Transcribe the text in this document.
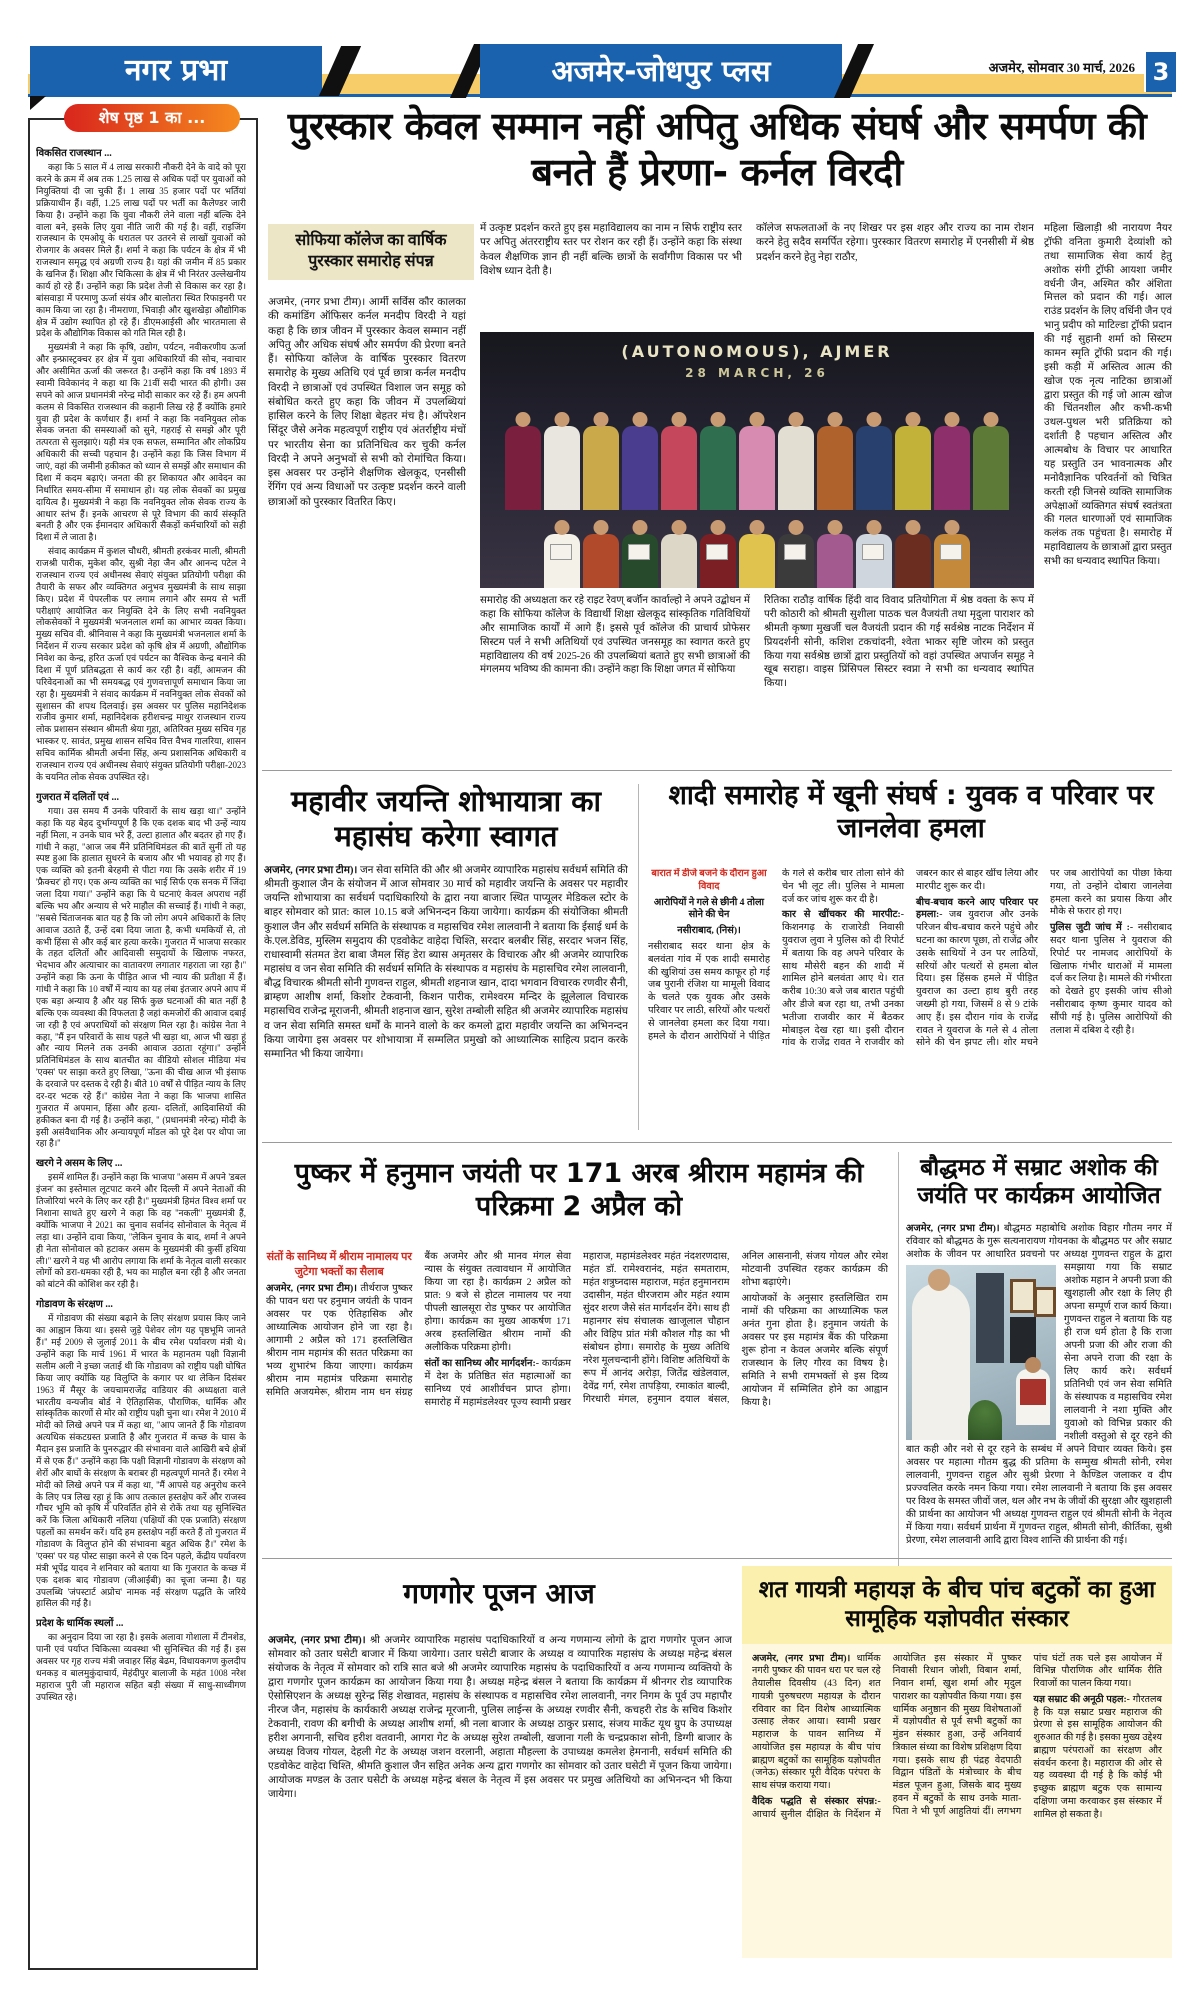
नगर प्रभा	अजमेर-जोधपुर प्लस	अजमेर, सोमवार 30 मार्च, 2026 3
शेष पृष्ठ 1 का ...
विकसित राजस्थान ...

कहा कि 5 साल में 4 लाख सरकारी नौकरी देने के वादे को पूरा करने के क्रम में अब तक 1.25 लाख से अधिक पदों पर युवाओं को नियुक्तियां दी जा चुकी हैं। 1 लाख 35 हजार पदों पर भर्तियां प्रक्रियाधीन हैं। वहीं, 1.25 लाख पदों पर भर्ती का कैलेण्डर जारी किया है। उन्होंने कहा कि युवा नौकरी लेने वाला नहीं बल्कि देने वाला बने, इसके लिए युवा नीति जारी की गई है। वहीं, राइजिंग राजस्थान के एमओयू के धरातल पर उतरने से लाखों युवाओं को रोजगार के अवसर मिले हैं। शर्मा ने कहा कि पर्यटन के क्षेत्र में भी राजस्थान समृद्ध एवं अग्रणी राज्य है। यहां की जमीन में 85 प्रकार के खनिज हैं। शिक्षा और चिकित्सा के क्षेत्र में भी निरंतर उल्लेखनीय कार्य हो रहे हैं। उन्होंने कहा कि प्रदेश तेजी से विकास कर रहा है। बांसवाड़ा में परमाणु ऊर्जा संयंत्र और बालोतरा स्थित रिफाइनरी पर काम किया जा रहा है। नीमराणा, भिवाड़ी और खुशखेड़ा औद्योगिक क्षेत्र में उद्योग स्थापित हो रहे हैं। डीएमआईसी और भारतमाला से प्रदेश के औद्योगिक विकास को गति मिल रही है।

मुख्यमंत्री ने कहा कि कृषि, उद्योग, पर्यटन, नवीकरणीय ऊर्जा और इन्फ्रास्ट्रक्चर हर क्षेत्र में युवा अधिकारियों की सोच, नवाचार और असीमित ऊर्जा की जरूरत है। उन्होंने कहा कि वर्ष 1893 में स्वामी विवेकानंद ने कहा था कि 21वीं सदी भारत की होगी। उस सपने को आज प्रधानमंत्री नरेन्द्र मोदी साकार कर रहे हैं। हम अपनी कलम से विकसित राजस्थान की कहानी लिख रहे हैं क्योंकि हमारे युवा ही प्रदेश के कर्णधार हैं। शर्मा ने कहा कि नवनियुक्त लोक सेवक जनता की समस्याओं को सुने, गहराई से समझे और पूरी तत्परता से सुलझाएं। यही मंत्र एक सफल, सम्मानित और लोकप्रिय अधिकारी की सच्ची पहचान है। उन्होंने कहा कि जिस विभाग में जाएं, वहां की जमीनी हकीकत को ध्यान से समझें और समाधान की दिशा में कदम बढ़ाएं। जनता की हर शिकायत और आवेदन का निर्धारित समय-सीमा में समाधान हो। यह लोक सेवकों का प्रमुख दायित्व है। मुख्यमंत्री ने कहा कि नवनियुक्त लोक सेवक राज्य के आधार स्तंभ हैं। इनके आचरण से पूरे विभाग की कार्य संस्कृति बनती है और एक ईमानदार अधिकारी सैकड़ों कर्मचारियों को सही दिशा में ले जाता है।

संवाद कार्यक्रम में कुशल चौधरी, श्रीमती हरकंवर माली, श्रीमती राजश्री पारीक, मुकेश कौर, सुश्री नेहा जैन और आनन्द पटेल ने राजस्थान राज्य एवं अधीनस्थ सेवाएं संयुक्त प्रतियोगी परीक्षा की तैयारी के सफर और व्यक्तिगत अनुभव मुख्यमंत्री के साथ साझा किए। प्रदेश में पेपरलीक पर लगाम लगाने और समय से भर्ती परीक्षाएं आयोजित कर नियुक्ति देने के लिए सभी नवनियुक्त लोकसेवकों ने मुख्यमंत्री भजनलाल शर्मा का आभार व्यक्त किया। मुख्य सचिव वी. श्रीनिवास ने कहा कि मुख्यमंत्री भजनलाल शर्मा के निर्देशन में राज्य सरकार प्रदेश को कृषि क्षेत्र में अग्रणी, औद्योगिक निवेश का केन्द्र, हरित ऊर्जा एवं पर्यटन का वैश्विक केन्द्र बनाने की दिशा में पूर्ण प्रतिबद्धता से कार्य कर रही है। वहीं, आमजन की परिवेदनाओं का भी समयबद्ध एवं गुणवत्तापूर्ण समाधान किया जा रहा है। मुख्यमंत्री ने संवाद कार्यक्रम में नवनियुक्त लोक सेवकों को सुशासन की शपथ दिलवाई। इस अवसर पर पुलिस महानिदेशक राजीव कुमार शर्मा, महानिदेशक हरीशचन्द्र माथुर राजस्थान राज्य लोक प्रशासन संस्थान श्रीमती श्रेया गुहा, अतिरिक्त मुख्य सचिव गृह भास्कर ए. सावंत, प्रमुख शासन सचिव वित्त वैभव गालरिया, शासन सचिव कार्मिक श्रीमती अर्चना सिंह, अन्य प्रशासनिक अधिकारी व राजस्थान राज्य एवं अधीनस्थ सेवाएं संयुक्त प्रतियोगी परीक्षा-2023 के चयनित लोक सेवक उपस्थित रहे।

गुजरात में दलितों एवं ...

गया। उस समय मैं उनके परिवारों के साथ खड़ा था।'' उन्होंने कहा कि यह बेहद दुर्भाग्यपूर्ण है कि एक दशक बाद भी उन्हें न्याय नहीं मिला, न उनके घाव भरे हैं, उल्टा हालात और बदतर हो गए हैं। गांधी ने कहा, ''आज जब मैंने प्रतिनिधिमंडल की बातें सुनीं तो यह स्पष्ट हुआ कि हालात सुधरने के बजाय और भी भयावह हो गए हैं। एक व्यक्ति को इतनी बेरहमी से पीटा गया कि उसके शरीर में 19 'फ्रैक्चर' हो गए। एक अन्य व्यक्ति का भाई सिर्फ एक सनक में जिंदा जला दिया गया।'' उन्होंने कहा कि ये घटनाएं केवल अपराध नहीं बल्कि भय और अन्याय से भरे माहौल की सच्चाई हैं। गांधी ने कहा, ''सबसे चिंताजनक बात यह है कि जो लोग अपने अधिकारों के लिए आवाज उठाते हैं, उन्हें दबा दिया जाता है, कभी धमकियों से, तो कभी हिंसा से और कई बार हत्या करके। गुजरात में भाजपा सरकार के तहत दलितों और आदिवासी समुदायों के खिलाफ नफरत, भेदभाव और अत्याचार का वातावरण लगातार गहराता जा रहा है।'' उन्होंने कहा कि ऊना के पीड़ित आज भी न्याय की प्रतीक्षा में हैं। गांधी ने कहा कि 10 वर्षों में न्याय का यह लंबा इंतजार अपने आप में एक बड़ा अन्याय है और यह सिर्फ कुछ घटनाओं की बात नहीं है बल्कि एक व्यवस्था की विफलता है जहां कमजोरों की आवाज दबाई जा रही है एवं अपराधियों को संरक्षण मिल रहा है। कांग्रेस नेता ने कहा, ''मैं इन परिवारों के साथ पहले भी खड़ा था, आज भी खड़ा हूं और न्याय मिलने तक उनकी आवाज उठाता रहूंगा।'' उन्होंने प्रतिनिधिमंडल के साथ बातचीत का वीडियो सोशल मीडिया मंच 'एक्स' पर साझा करते हुए लिखा, ''ऊना की चीख आज भी इंसाफ के दरवाजे पर दस्तक दे रही है। बीते 10 वर्षों से पीड़ित न्याय के लिए दर-दर भटक रहे हैं।'' कांग्रेस नेता ने कहा कि भाजपा शासित गुजरात में अपमान, हिंसा और हत्या- दलितों, आदिवासियों की हकीकत बना दी गई है। उन्होंने कहा, '' (प्रधानमंत्री नरेन्द्र) मोदी के इसी असंवैधानिक और अन्यायपूर्ण मॉडल को पूरे देश पर थोपा जा रहा है।''

खरगे ने असम के लिए ...

इसमें शामिल हैं। उन्होंने कहा कि भाजपा ''असम में अपने 'डबल इंजन' का इस्तेमाल लूटपाट करने और दिल्ली में अपने नेताओं की तिजोरियां भरने के लिए कर रही है।'' मुख्यमंत्री हिमंत विश्व शर्मा पर निशाना साधते हुए खरगे ने कहा कि वह ''नकली'' मुख्यमंत्री हैं, क्योंकि भाजपा ने 2021 का चुनाव सर्वानंद सोनोवाल के नेतृत्व में लड़ा था। उन्होंने दावा किया, ''लेकिन चुनाव के बाद, शर्मा ने अपने ही नेता सोनोवाल को हटाकर असम के मुख्यमंत्री की कुर्सी हथिया ली।'' खरगे ने यह भी आरोप लगाया कि शर्मा के नेतृत्व वाली सरकार लोगों को डरा-धमका रही है, भय का माहौल बना रही है और जनता को बांटने की कोशिश कर रही है।

गोडावण के संरक्षण ...

में गोडावण की संख्या बढ़ाने के लिए संरक्षण प्रयास किए जाने का आह्वान किया था। इससे जुड़े पेशेवर लोग यह पृष्ठभूमि जानते हैं।'' मई 2009 से जुलाई 2011 के बीच रमेश पर्यावरण मंत्री थे। उन्होंने कहा कि मार्च 1961 में भारत के महानतम पक्षी विज्ञानी सलीम अली ने इच्छा जताई थी कि गोडावण को राष्ट्रीय पक्षी घोषित किया जाए क्योंकि यह विलुप्ति के कगार पर था लेकिन दिसंबर 1963 में मैसूर के जयचामराजेंद्र वाडियार की अध्यक्षता वाले भारतीय वन्यजीव बोर्ड ने ऐतिहासिक, पौराणिक, धार्मिक और सांस्कृतिक कारणों से मोर को राष्ट्रीय पक्षी चुना था। रमेश ने 2010 में मोदी को लिखे अपने पत्र में कहा था, ''आप जानते हैं कि गोडावण अत्यधिक संकटग्रस्त प्रजाति है और गुजरात में कच्छ के घास के मैदान इस प्रजाति के पुनरुद्धार की संभावना वाले आखिरी बचे क्षेत्रों में से एक हैं।'' उन्होंने कहा कि पक्षी विज्ञानी गोडावण के संरक्षण को शेरों और बाघों के संरक्षण के बराबर ही महत्वपूर्ण मानते हैं। रमेश ने मोदी को लिखे अपने पत्र में कहा था, ''मैं आपसे यह अनुरोध करने के लिए पत्र लिख रहा हूं कि आप तत्काल हस्तक्षेप करें और राजस्व गौचर भूमि को कृषि में परिवर्तित होने से रोकें तथा यह सुनिश्चित करें कि जिला अधिकारी नलिया (पक्षियों की एक प्रजाति) संरक्षण पहलों का समर्थन करें। यदि हम हस्तक्षेप नहीं करते हैं तो गुजरात में गोडावण के विलुप्त होने की संभावना बहुत अधिक है।'' रमेश के 'एक्स' पर यह पोस्ट साझा करने से एक दिन पहले, केंद्रीय पर्यावरण मंत्री भूपेंद्र यादव ने शनिवार को बताया था कि गुजरात के कच्छ में एक दशक बाद गोडावण (जीआईबी) का चूजा जन्मा है। यह उपलब्धि 'जंपस्टार्ट अप्रोच' नामक नई संरक्षण पद्धति के जरिये हासिल की गई है।

प्रदेश के धार्मिक स्थलों ...

का अनुदान दिया जा रहा है। इसके अलावा गोशाला में टीनशेड, पानी एवं पर्याप्त चिकित्सा व्यवस्था भी सुनिश्चित की गई हैं। इस अवसर पर गृह राज्य मंत्री जवाहर सिंह बेढम, विधायकगण कुलदीप धनकड़ व बालमुकुंदाचार्य, मेहंदीपुर बालाजी के महंत 1008 नरेश महाराज पुरी जी महाराज सहित बड़ी संख्या में साधु-साध्वीगण उपस्थित रहे।

पुरस्कार केवल सम्मान नहीं अपितु अधिक संघर्ष और समर्पण की बनते हैं प्रेरणा- कर्नल विरदी
सोफिया कॉलेज का वार्षिक पुरस्कार समारोह संपन्न
अजमेर, (नगर प्रभा टीम)। आर्मी सर्विस कौर कालका की कमांडिंग ऑफिसर कर्नल मनदीप विरदी ने यहां कहा है कि छात्र जीवन में पुरस्कार केवल सम्मान नहीं अपितु और अधिक संघर्ष और समर्पण की प्रेरणा बनते हैं। सोफिया कॉलेज के वार्षिक पुरस्कार वितरण समारोह के मुख्य अतिथि एवं पूर्व छात्रा कर्नल मनदीप विरदी ने छात्राओं एवं उपस्थित विशाल जन समूह को संबोधित करते हुए कहा कि जीवन में उपलब्धियां हासिल करने के लिए शिक्षा बेहतर मंच है। ऑपरेशन सिंदूर जैसे अनेक महत्वपूर्ण राष्ट्रीय एवं अंतर्राष्ट्रीय मंचों पर भारतीय सेना का प्रतिनिधित्व कर चुकी कर्नल विरदी ने अपने अनुभवों से सभी को रोमांचित किया। इस अवसर पर उन्होंने शैक्षणिक खेलकूद, एनसीसी रेंगिंग एवं अन्य विधाओं पर उत्कृष्ट प्रदर्शन करने वाली छात्राओं को पुरस्कार वितरित किए।
में उत्कृष्ट प्रदर्शन करते हुए इस महाविद्यालय का नाम न सिर्फ राष्ट्रीय स्तर पर अपितु अंतरराष्ट्रीय स्तर पर रोशन कर रही हैं। उन्होंने कहा कि संस्था केवल शैक्षणिक ज्ञान ही नहीं बल्कि छात्रों के सर्वांगीण विकास पर भी विशेष ध्यान देती है।
कॉलेज सफलताओं के नए शिखर पर इस शहर और राज्य का नाम रोशन करने हेतु सदैव समर्पित रहेगा। पुरस्कार वितरण समारोह में एनसीसी में श्रेष्ठ प्रदर्शन करने हेतु नेहा राठौर,
(AUTONOMOUS), AJMER
28 MARCH, 26

समारोह की अध्यक्षता कर रहे राइट रेवण् बर्जॉन कार्वाल्हो ने अपने उद्बोधन में कहा कि सोफिया कॉलेज के विद्यार्थी शिक्षा खेलकूद सांस्कृतिक गतिविधियों और सामाजिक कार्यों में आगे हैं। इससे पूर्व कॉलेज की प्राचार्य प्रोफेसर सिस्टम पर्ल ने सभी अतिथियों एवं उपस्थित जनसमूह का स्वागत करते हुए महाविद्यालय की वर्ष 2025-26 की उपलब्धियां बताते हुए सभी छात्राओं की मंगलमय भविष्य की कामना की। उन्होंने कहा कि शिक्षा जगत में सोफिया

रितिका राठौड़ वार्षिक हिंदी वाद विवाद प्रतियोगिता में श्रेष्ठ वक्ता के रूप में परी कोठारी को श्रीमती सुशीला पाठक चल वैजयंती तथा मृदुला पाराशर को श्रीमती कृष्णा मुखर्जी चल वैजयंती प्रदान की गई सर्वश्रेष्ठ नाटक निर्देशन में प्रियदर्शनी सोनी, कशिश टकचांदनी, श्वेता भाकर सृष्टि जोरम को प्रस्तुत किया गया सर्वश्रेष्ठ छात्रों द्वारा प्रस्तुतियों को वहां उपस्थित अपार्जन समूह ने खूब सराहा। वाइस प्रिंसिपल सिस्टर स्वप्ना ने सभी का धन्यवाद स्थापित किया।

महिला खिलाड़ी श्री नारायण नैयर ट्रॉफी वनिता कुमारी देव्यांशी को तथा सामाजिक सेवा कार्य हेतु अशोक संगी ट्रॉफी आयशा जमीर वर्धनी जैन, अश्मित कौर अंशिता मित्तल को प्रदान की गई। आल राउंड प्रदर्शन के लिए वर्धिनी जैन एवं भानु प्रदीप को माटिल्डा ट्रॉफी प्रदान की गई सुहानी शर्मा को सिस्टम कामन स्मृति ट्रॉफी प्रदान की गई। इसी कड़ी में अस्तित्व आत्म की खोज एक नृत्य नाटिका छात्राओं द्वारा प्रस्तुत की गई जो आत्म खोज की चिंतनशील और कभी-कभी उथल-पुथल भरी प्रतिक्रिया को दर्शाती है पहचान अस्तित्व और आत्मबोध के विचार पर आधारित यह प्रस्तुति उन भावनात्मक और मनोवैज्ञानिक परिवर्तनों को चित्रित करती रही जिनसे व्यक्ति सामाजिक अपेक्षाओं व्यक्तिगत संघर्ष स्वतंत्रता की गलत धारणाओं एवं सामाजिक कलंक तक पहुंचता है। समारोह में महाविद्यालय के छात्राओं द्वारा प्रस्तुत सभी का धन्यवाद स्थापित किया।
महावीर जयन्ति शोभायात्रा का महासंघ करेगा स्वागत
अजमेर, (नगर प्रभा टीम)। जन सेवा समिति की और श्री अजमेर व्यापारिक महासंघ सर्वधर्म समिति की श्रीमती कुशाल जैन के संयोजन में आज सोमवार 30 मार्च को महावीर जयन्ति के अवसर पर महावीर जयन्ति शोभायात्रा का सर्वधर्म पदाधिकारियो के द्वारा नया बाजार स्थित पाप्यूलर मेडिकल स्टोर के बाहर सोमवार को प्रात: काल 10.15 बजे अभिनन्दन किया जायेगा। कार्यक्रम की संयोजिका श्रीमती कुशाल जैन और सर्वधर्म समिति के संस्थापक व महासचिव रमेश लालवानी ने बताया कि ईसाई धर्म के के.एल.डेविड, मुस्लिम समुदाय की एडवोकेट वाहेदा चिश्ति, सरदार बलबीर सिंह, सरदार भजन सिंह, राधास्वामी संतमत डेरा बाबा जैमल सिंह डेरा ब्यास अमृतसर के विचारक और श्री अजमेर व्यापारिक महासंघ व जन सेवा समिति की सर्वधर्म समिति के संस्थापक व महासंघ के महासचिव रमेश लालवानी, बौद्ध विचारक श्रीमती सोनी गुणवन्त राहुल, श्रीमती शहनाज खान, दादा भगवान विचारक रणवीर सैनी, ब्राम्हण आशीष शर्मा, किशोर टेकवानी, किशन पारीक, रामेश्वरम मन्दिर के झूलेलाल विचारक महासचिव राजेन्द्र मूराजनी, श्रीमती शहनाज खान, सुरेश तम्बोली सहित श्री अजमेर व्यापारिक महासंघ व जन सेवा समिति समस्त धर्मों के मानने वालो के कर कमलो द्वारा महावीर जयन्ति का अभिनन्दन किया जायेगा इस अवसर पर शोभायात्रा में सम्मलित प्रमुखो को आध्यात्मिक साहित्य प्रदान करके सम्मानित भी किया जायेगा।
शादी समारोह में खूनी संघर्ष : युवक व परिवार पर जानलेवा हमला

बारात में डीजे बजने के दौरान हुआ विवाद

आरोपियों ने गले से छीनी 4 तोला सोने की चेन

नसीराबाद, (निसं)।

नसीराबाद सदर थाना क्षेत्र के बलवंता गांव में एक शादी समारोह की खुशियां उस समय काफूर हो गई जब पुरानी रंजिश या मामूली विवाद के चलते एक युवक और उसके परिवार पर लाठी, सरियों और पत्थरों से जानलेवा हमला कर दिया गया। हमले के दौरान आरोपियों ने पीड़ित के गले से करीब चार तोला सोने की चेन भी लूट ली। पुलिस ने मामला दर्ज कर जांच शुरू कर दी है।

कार से खींचकर की मारपीट:- किशनगढ़ के राजारेडी निवासी युवराज लुवा ने पुलिस को दी रिपोर्ट में बताया कि वह अपने परिवार के साथ मौसेरी बहन की शादी में शामिल होने बलवंता आए थे। रात करीब 10:30 बजे जब बारात पहुंची और डीजे बज रहा था, तभी उनका भतीजा राजवीर कार में बैठकर मोबाइल देख रहा था। इसी दौरान गांव के राजेंद्र रावत ने राजवीर को जबरन कार से बाहर खींच लिया और मारपीट शुरू कर दी।

बीच-बचाव करने आए परिवार पर हमला:- जब युवराज और उनके परिजन बीच-बचाव करने पहुंचे और घटना का कारण पूछा, तो राजेंद्र और उसके साथियों ने उन पर लाठियों, सरियों और पत्थरों से हमला बोल दिया। इस हिंसक हमले में पीड़ित युवराज का उल्टा हाथ बुरी तरह जख्मी हो गया, जिसमें 8 से 9 टांके आए हैं। इस दौरान गांव के राजेंद्र रावत ने युवराज के गले से 4 तोला सोने की चेन झपट ली। शोर मचने पर जब आरोपियों का पीछा किया गया, तो उन्होंने दोबारा जानलेवा हमला करने का प्रयास किया और मौके से फरार हो गए।

पुलिस जुटी जांच में :- नसीराबाद सदर थाना पुलिस ने युवराज की रिपोर्ट पर नामजद आरोपियों के खिलाफ गंभीर धाराओं में मामला दर्ज कर लिया है। मामले की गंभीरता को देखते हुए इसकी जांच सीओ नसीराबाद कृष्ण कुमार यादव को सौंपी गई है। पुलिस आरोपियों की तलाश में दबिश दे रही है।

पुष्कर में हनुमान जयंती पर 171 अरब श्रीराम महामंत्र की परिक्रमा 2 अप्रैल को

संतों के सानिध्य में श्रीराम नामालय पर जुटेगा भक्तों का सैलाब

अजमेर, (नगर प्रभा टीम)। तीर्थराज पुष्कर की पावन धरा पर हनुमान जयंती के पावन अवसर पर एक ऐतिहासिक और आध्यात्मिक आयोजन होने जा रहा है। आगामी 2 अप्रैल को 171 हस्तलिखित श्रीराम नाम महामंत्र की सतत परिक्रमा का भव्य शुभारंभ किया जाएगा। कार्यक्रम श्रीराम नाम महामंत्र परिक्रमा समारोह समिति अजयमेरू, श्रीराम नाम धन संग्रह बैंक अजमेर और श्री मानव मंगल सेवा न्यास के संयुक्त तत्वावधान में आयोजित किया जा रहा है। कार्यक्रम 2 अप्रैल को प्रात: 9 बजे से होटल नामालय पर नया पीपली खालसूरा रोड पुष्कर पर आयोजित होगा। कार्यक्रम का मुख्य आकर्षण 171 अरब हस्तलिखित श्रीराम नामों की अलौकिक परिक्रमा होगी।

संतों का सानिध्य और मार्गदर्शन:- कार्यक्रम में देश के प्रतिष्ठित संत महात्माओं का सानिध्य एवं आशीर्वचन प्राप्त होगा। समारोह में महामंडलेश्वर पूज्य स्वामी प्रखर महाराज, महामंडलेश्वर महंत नंदशरणदास, महंत डॉ. रामेश्वरानंद, महंत समताराम, महंत शत्रुघ्नदास महाराज, महंत हनुमानराम उदासीन, महंत धीरजराम और महंत श्याम सुंदर शरण जैसे संत मार्गदर्शन देंगे। साथ ही महानगर संघ संचालक खाजूलाल चौहान और विहिप प्रांत मंत्री कौशल गौड़ का भी संबोधन होगा। समारोह के मुख्य अतिथि नरेश मूलचन्दानी होंगे। विशिष्ट अतिथियों के रूप में आनंद अरोड़ा, जितेंद्र खंडेलवाल, देवेंद्र गर्ग, रमेश तापड़िया, रमाकांत बाल्दी, गिरधारी मंगल, हनुमान दयाल बंसल, अनिल आसनानी, संजय गोयल और रमेश मोटवानी उपस्थित रहकर कार्यक्रम की शोभा बढ़ाएंगे।

आयोजकों के अनुसार हस्तलिखित राम नामों की परिक्रमा का आध्यात्मिक फल अनंत गुना होता है। हनुमान जयंती के अवसर पर इस महामंत्र बैंक की परिक्रमा शुरू होना न केवल अजमेर बल्कि संपूर्ण राजस्थान के लिए गौरव का विषय है। समिति ने सभी रामभक्तों से इस दिव्य आयोजन में सम्मिलित होने का आह्वान किया है।

बौद्धमठ में सम्राट अशोक की जयंति पर कार्यक्रम आयोजित
अजमेर, (नगर प्रभा टीम)। बौद्धमठ महाबोधि अशोक विहार गौतम नगर में रविवार को बौद्धमठ के गुरू सत्यनारायण गोयनका के बौद्धमठ पर और सम्राट अशोक के जीवन पर आधारित प्रवचनो पर अध्यक्ष गुणवन्त राहुल के द्वारा समझाया गया कि सम्राट अशोक महान ने अपनी प्रजा की खुशहाली और रक्षा के लिए ही अपना सम्पूर्ण राज कार्य किया। गुणवन्त राहुल ने बताया कि यह ही राज धर्म होता है कि राजा अपनी प्रजा की और राजा की सेना अपने राजा की रक्षा के लिए कार्य करे। सर्वधर्म प्रतिनिधी एवं जन सेवा समिति के संस्थापक व महासचिव रमेश लालवानी ने नशा मुक्ति और युवाओ को विभिन्न प्रकार की नशीली वस्तुओ से दूर रहने की बात कही और नशे से दूर रहने के सम्बंध में अपने विचार व्यक्त किये। इस अवसर पर महात्मा गौतम बुद्ध की प्रतिमा के सम्मुख श्रीमती सोनी, रमेश लालवानी, गुणवन्त राहुल और सुश्री प्रेरणा ने कैण्डिल जलाकर व दीप प्रज्ज्वलित करके नमन किया गया। रमेश लालवानी ने बताया कि इस अवसर पर विश्व के समस्त जीवों जल, थल और नभ के जीवों की सुरक्षा और खुशहाली की प्रार्थना का आयोजन भी अध्यक्ष गुणवन्त राहुल एवं श्रीमती सोनी के नेतृत्व में किया गया। सर्वधर्म प्रार्थना में गुणवन्त राहुल, श्रीमती सोनी, कीर्तिका, सुश्री प्रेरणा, रमेश लालवानी आदि द्वारा विश्व शान्ति की प्रार्थना की गई।
गणगोर पूजन आज
अजमेर, (नगर प्रभा टीम)। श्री अजमेर व्यापारिक महासंघ पदाधिकारियों व अन्य गणमान्य लोगो के द्वारा गणगोर पूजन आज सोमवार को उतार घसेटी बाजार में किया जायेगा। उतार घसेटी बाजार के अध्यक्ष व व्यापारिक महासंघ के अध्यक्ष महेन्द्र बंसल संयोजक के नेतृत्व में सोमवार को रात्रि सात बजे श्री अजमेर व्यापारिक महासंघ के पदाधिकारियों व अन्य गणमान्य व्यक्तियो के द्वारा गणगोर पूजन कार्यक्रम का आयोजन किया गया है। अध्यक्ष महेन्द्र बंसल ने बताया कि कार्यक्रम में श्रीनगर रोड व्यापारिक ऐसोसिएशन के अध्यक्ष सुरेन्द्र सिंह शेखावत, महासंघ के संस्थापक व महासचिव रमेश लालवानी, नगर निगम के पूर्व उप महापौर नीरज जैन, महासंघ के कार्यकारी अध्यक्ष राजेन्द्र मूरजानी, पुलिस लाईन्स के अध्यक्ष रणवीर सैनी, कचहरी रोड के सचिव किशोर टेकवानी, रावण की बगीची के अध्यक्ष आशीष शर्मा, श्री नला बाजार के अध्यक्ष ठाकुर प्रसाद, संजय मार्केट यूथ ग्रुप के उपाध्यक्ष हरीश अगनानी, सचिव हरीश वतवानी, आगरा गेट के अध्यक्ष सुरेश तम्बोली, खजाना गली के चन्द्रप्रकाश सोनी, डिग्गी बाजार के अध्यक्ष विजय गोयल, देहली गेट के अध्यक्ष जशन वरलानी, अहाता मौहल्ला के उपाध्यक्ष कमलेश हेमनानी, सर्वधर्म समिति की एडवोकेट वाहेदा चिश्ति, श्रीमति कुशाल जैन सहित अनेक अन्य द्वारा गणगोर का सोमवार को उतार घसेटी में पूजन किया जायेगा। आयोजक मण्डल के उतार घसेटी के अध्यक्ष महेन्द्र बंसल के नेतृत्व में इस अवसर पर प्रमुख अतिथियो का अभिनन्दन भी किया जायेगा।
शत गायत्री महायज्ञ के बीच पांच बटुकों का हुआ सामूहिक यज्ञोपवीत संस्कार

अजमेर, (नगर प्रभा टीम)। धार्मिक नगरी पुष्कर की पावन धरा पर चल रहे तैयालीस दिवसीय (43 दिन) शत गायत्री पुरुषचरण महायज्ञ के दौरान रविवार का दिन विशेष आध्यात्मिक उत्साह लेकर आया। स्वामी प्रखर महाराज के पावन सानिध्य में आयोजित इस महायज्ञ के बीच पांच ब्राह्मण बटुकों का सामूहिक यज्ञोपवीत (जनेऊ) संस्कार पूरी वैदिक परंपरा के साथ संपन्न कराया गया।

वैदिक पद्धति से संस्कार संपन्न:- आचार्य सुनील दीक्षित के निर्देशन में आयोजित इस संस्कार में पुष्कर निवासी रिधान जोशी, विबान शर्मा, निवान शर्मा, खुश शर्मा और मृदुल पाराशर का यज्ञोपवीत किया गया। इस धार्मिक अनुष्ठान की मुख्य विशेषताओं में यज्ञोपवीत से पूर्व सभी बटुकों का मुंडन संस्कार हुआ, उन्हें अनिवार्य त्रिकाल संध्या का विशेष प्रशिक्षण दिया गया। इसके साथ ही पंद्रह वेदपाठी विद्वान पंडितों के मंत्रोच्चार के बीच मंडल पूजन हुआ, जिसके बाद मुख्य हवन में बटुकों के साथ उनके माता-पिता ने भी पूर्ण आहुतियां दीं। लगभग पांच घंटों तक चले इस आयोजन में विभिन्न पौराणिक और धार्मिक रीति रिवाजों का पालन किया गया।

यज्ञ सम्राट की अनूठी पहल:- गौरतलब है कि यज्ञ सम्राट प्रखर महाराज की प्रेरणा से इस सामूहिक आयोजन की शुरुआत की गई है। इसका मुख्य उद्देश्य ब्राह्मण परंपराओं का संरक्षण और संवर्धन करना है। महाराज की ओर से यह व्यवस्था दी गई है कि कोई भी इच्छुक ब्राह्मण बटुक एक सामान्य दक्षिणा जमा करवाकर इस संस्कार में शामिल हो सकता है।
